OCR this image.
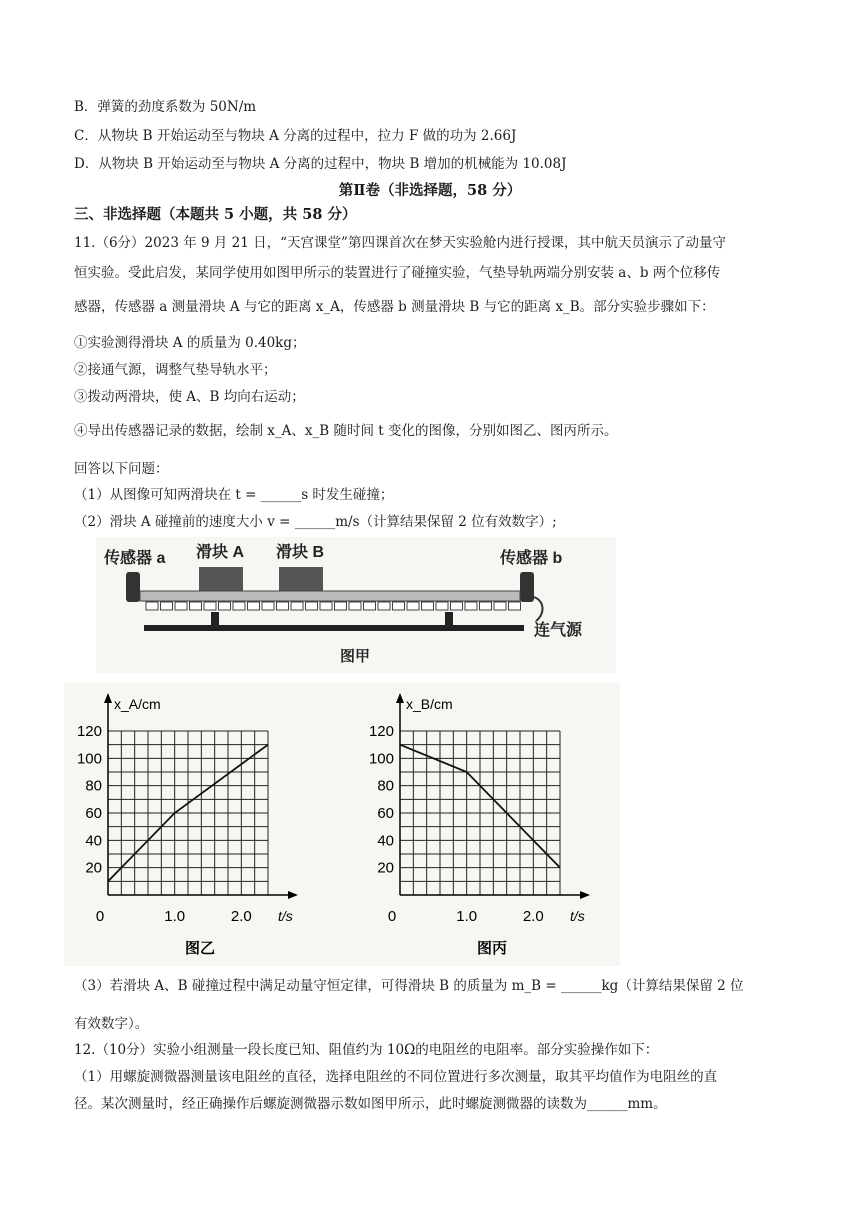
B．弹簧的劲度系数为 50N/m
C．从物块 B 开始运动至与物块 A 分离的过程中，拉力 F 做的功为 2.66J
D．从物块 B 开始运动至与物块 A 分离的过程中，物块 B 增加的机械能为 10.08J
第Ⅱ卷（非选择题，58 分）
三、非选择题（本题共 5 小题，共 58 分）
11.（6分）2023 年 9 月 21 日，“天宫课堂”第四课首次在梦天实验舱内进行授课，其中航天员演示了动量守
恒实验。受此启发，某同学使用如图甲所示的装置进行了碰撞实验，气垫导轨两端分别安装 a、b 两个位移传
感器，传感器 a 测量滑块 A 与它的距离 x_A，传感器 b 测量滑块 B 与它的距离 x_B。部分实验步骤如下：
①实验测得滑块 A 的质量为 0.40kg；
②接通气源，调整气垫导轨水平；
③拨动两滑块，使 A、B 均向右运动；
④导出传感器记录的数据，绘制 x_A、x_B 随时间 t 变化的图像，分别如图乙、图丙所示。
回答以下问题：
（1）从图像可知两滑块在 t = ______s 时发生碰撞；
（2）滑块 A 碰撞前的速度大小 v = ______m/s（计算结果保留 2 位有效数字）;
传感器 a 滑块 A 滑块 B	传感器 b
连气源
图甲
x_A/cm
t/s
20
40
60
80
100
120
0	1.0	2.0
图乙
x_B/cm
t/s
20
40
60
80
100
120
0	1.0	2.0
图丙
（3）若滑块 A、B 碰撞过程中满足动量守恒定律，可得滑块 B 的质量为 m_B = ______kg（计算结果保留 2 位
有效数字）。
12.（10分）实验小组测量一段长度已知、阻值约为 10Ω的电阻丝的电阻率。部分实验操作如下：
（1）用螺旋测微器测量该电阻丝的直径，选择电阻丝的不同位置进行多次测量，取其平均值作为电阻丝的直
径。某次测量时，经正确操作后螺旋测微器示数如图甲所示，此时螺旋测微器的读数为______mm。
